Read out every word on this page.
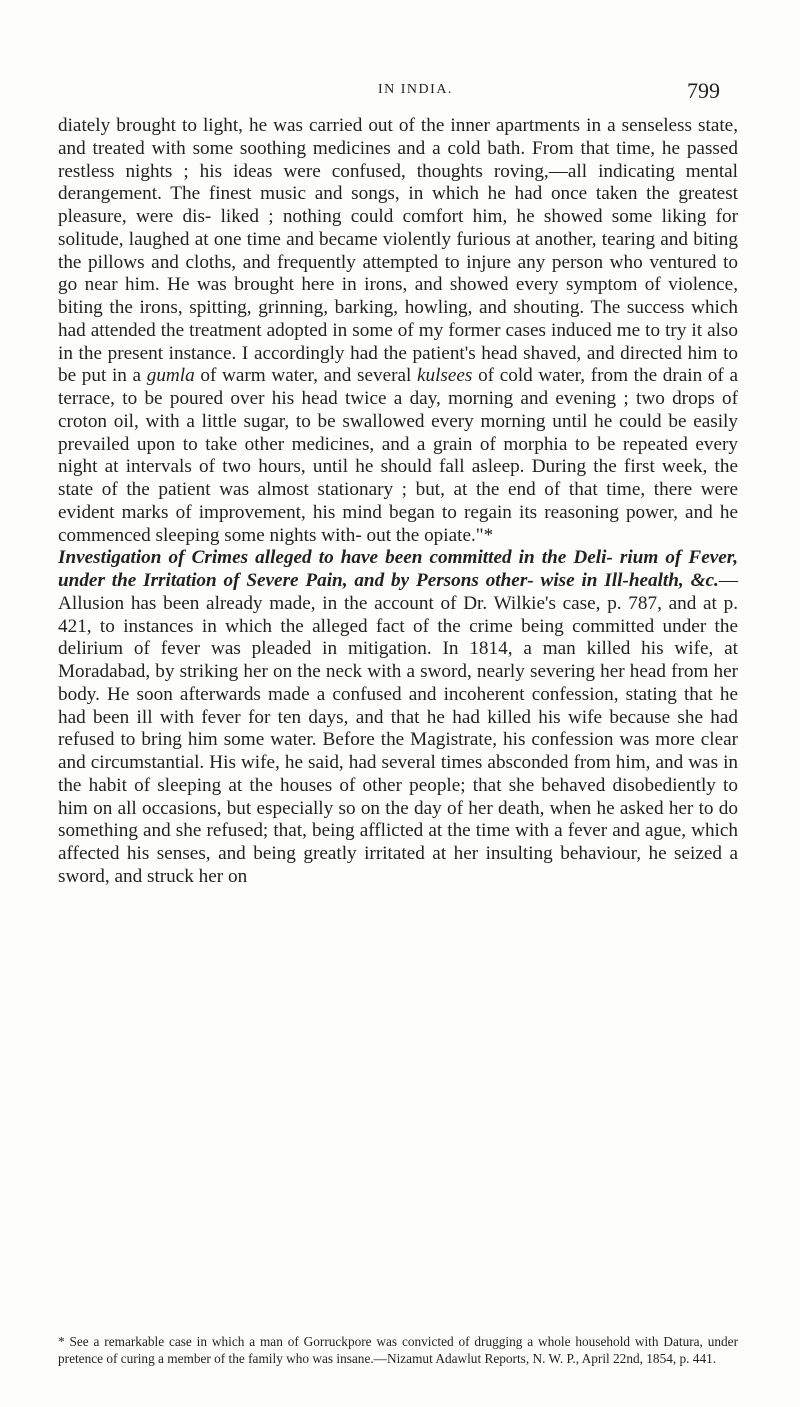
IN INDIA.	799

diately brought to light, he was carried out of the inner apartments in a senseless state, and treated with some soothing medicines and a cold bath. From that time, he passed restless nights ; his ideas were confused, thoughts roving,—all indicating mental derangement. The finest music and songs, in which he had once taken the greatest pleasure, were dis- liked ; nothing could comfort him, he showed some liking for solitude, laughed at one time and became violently furious at another, tearing and biting the pillows and cloths, and frequently attempted to injure any person who ventured to go near him. He was brought here in irons, and showed every symptom of violence, biting the irons, spitting, grinning, barking, howling, and shouting. The success which had attended the treatment adopted in some of my former cases induced me to try it also in the present instance. I accordingly had the patient's head shaved, and directed him to be put in a gumla of warm water, and several kulsees of cold water, from the drain of a terrace, to be poured over his head twice a day, morning and evening ; two drops of croton oil, with a little sugar, to be swallowed every morning until he could be easily prevailed upon to take other medicines, and a grain of morphia to be repeated every night at intervals of two hours, until he should fall asleep. During the first week, the state of the patient was almost stationary ; but, at the end of that time, there were evident marks of improvement, his mind began to regain its reasoning power, and he commenced sleeping some nights with- out the opiate."*

Investigation of Crimes alleged to have been committed in the Deli- rium of Fever, under the Irritation of Severe Pain, and by Persons other- wise in Ill-health, &c.—Allusion has been already made, in the account of Dr. Wilkie's case, p. 787, and at p. 421, to instances in which the alleged fact of the crime being committed under the delirium of fever was pleaded in mitigation. In 1814, a man killed his wife, at Moradabad, by striking her on the neck with a sword, nearly severing her head from her body. He soon afterwards made a confused and incoherent confession, stating that he had been ill with fever for ten days, and that he had killed his wife because she had refused to bring him some water. Before the Magistrate, his confession was more clear and circumstantial. His wife, he said, had several times absconded from him, and was in the habit of sleeping at the houses of other people; that she behaved disobediently to him on all occasions, but especially so on the day of her death, when he asked her to do something and she refused; that, being afflicted at the time with a fever and ague, which affected his senses, and being greatly irritated at her insulting behaviour, he seized a sword, and struck her on

* See a remarkable case in which a man of Gorruckpore was convicted of drugging a whole household with Datura, under pretence of curing a member of the family who was insane.—Nizamut Adawlut Reports, N. W. P., April 22nd, 1854, p. 441.
